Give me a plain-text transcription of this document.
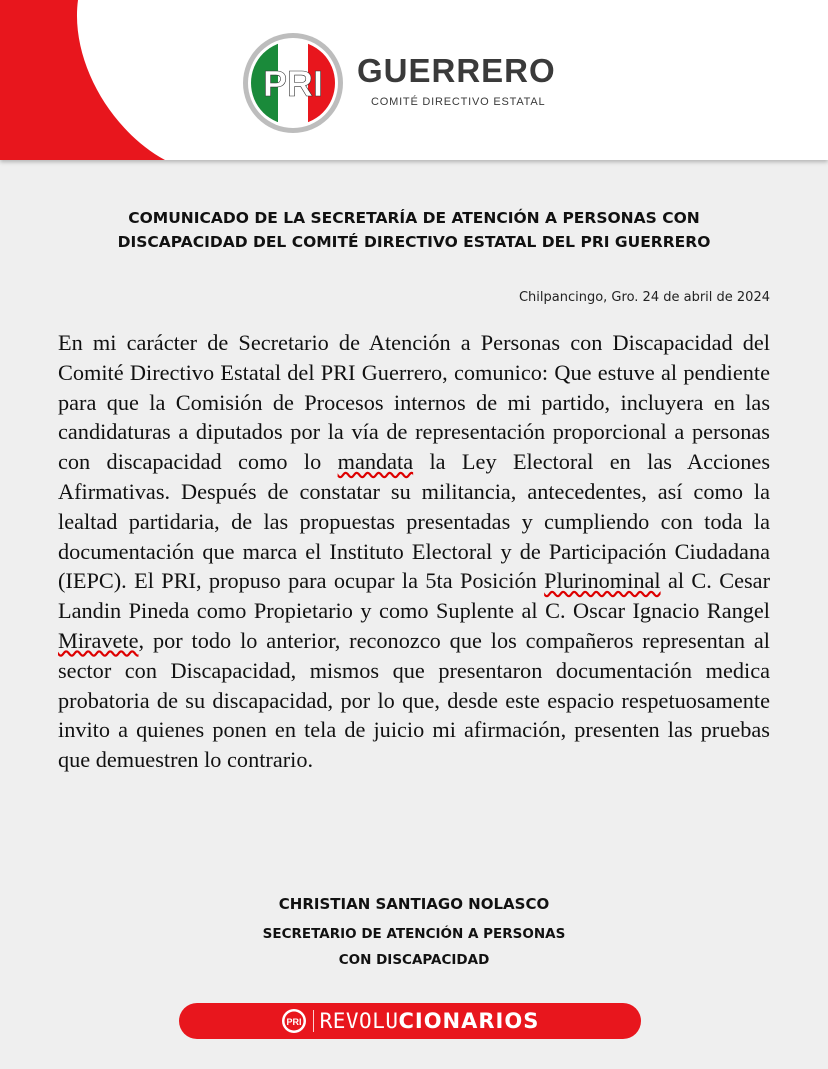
PRI GUERRERO
COMITÉ DIRECTIVO ESTATAL
COMUNICADO DE LA SECRETARÍA DE ATENCIÓN A PERSONAS CON
DISCAPACIDAD DEL COMITÉ DIRECTIVO ESTATAL DEL PRI GUERRERO
Chilpancingo, Gro. 24 de abril de 2024

En mi carácter de Secretario de Atención a Personas con Discapacidad del Comité Directivo Estatal del PRI Guerrero, comunico: Que estuve al pendiente para que la Comisión de Procesos internos de mi partido, incluyera en las candidaturas a diputados por la vía de representación proporcional a personas con discapacidad como lo mandata la Ley Electoral en las Acciones Afirmativas. Después de constatar su militancia, antecedentes, así como la lealtad partidaria, de las propuestas presentadas y cumpliendo con toda la documentación que marca el Instituto Electoral y de Participación Ciudadana (IEPC). El PRI, propuso para ocupar la 5ta Posición Plurinominal al C. Cesar Landin Pineda como Propietario y como Suplente al C. Oscar Ignacio Rangel Miravete, por todo lo anterior, reconozco que los compañeros representan al sector con Discapacidad, mismos que presentaron documentación medica probatoria de su discapacidad, por lo que, desde este espacio respetuosamente invito a quienes ponen en tela de juicio mi afirmación, presenten las pruebas que demuestren lo contrario.

CHRISTIAN SANTIAGO NOLASCO
SECRETARIO DE ATENCIÓN A PERSONAS
CON DISCAPACIDAD
PRI REVOLUCIONARIOS
